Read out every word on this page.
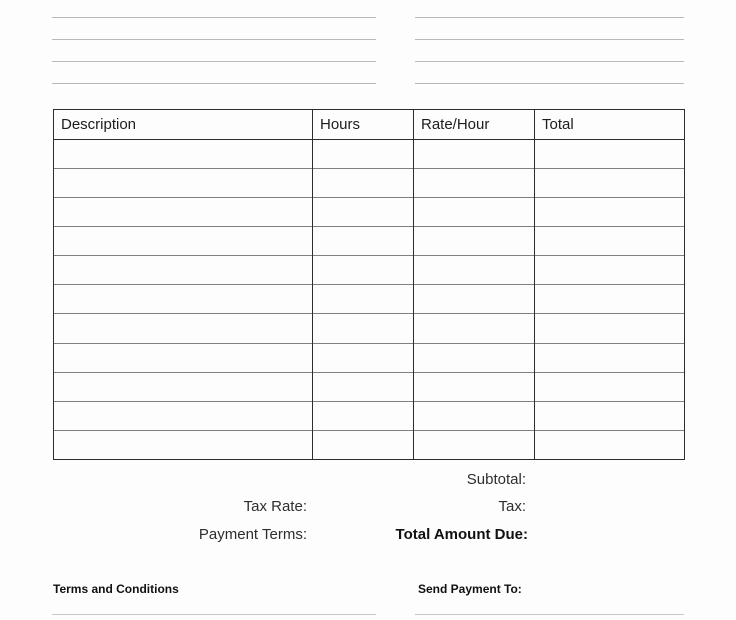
Description	Hours	Rate/Hour	Total

Subtotal:
Tax Rate:	Tax:
Payment Terms:	Total Amount Due:
Terms and Conditions	Send Payment To:
